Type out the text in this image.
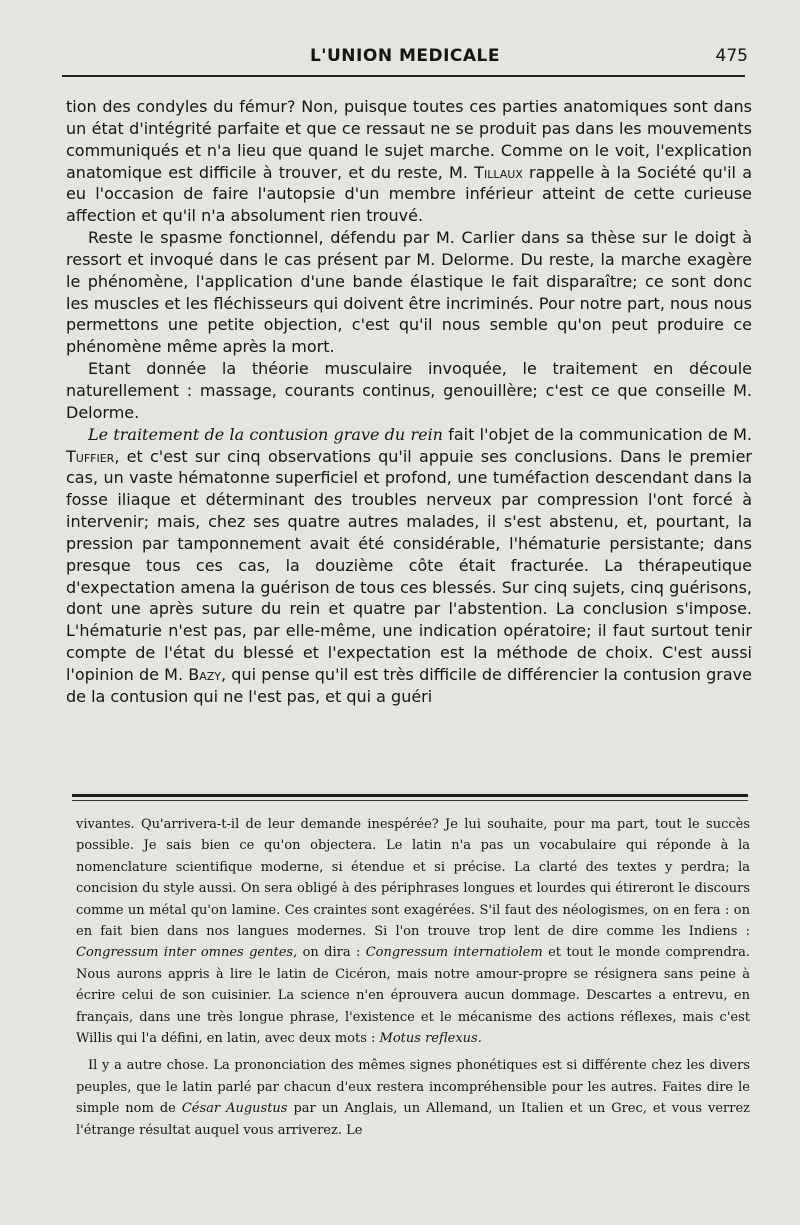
L'UNION MEDICALE	475

tion des condyles du fémur? Non, puisque toutes ces parties anatomiques sont dans un état d'intégrité parfaite et que ce ressaut ne se produit pas dans les mouvements communiqués et n'a lieu que quand le sujet marche. Comme on le voit, l'explication anatomique est difficile à trouver, et du reste, M. Tillaux rappelle à la Société qu'il a eu l'occasion de faire l'autopsie d'un membre inférieur atteint de cette curieuse affection et qu'il n'a absolument rien trouvé.

Reste le spasme fonctionnel, défendu par M. Carlier dans sa thèse sur le doigt à ressort et invoqué dans le cas présent par M. Delorme. Du reste, la marche exagère le phénomène, l'application d'une bande élastique le fait disparaître; ce sont donc les muscles et les fléchisseurs qui doivent être incriminés. Pour notre part, nous nous permettons une petite objection, c'est qu'il nous semble qu'on peut produire ce phénomène même après la mort.

Etant donnée la théorie musculaire invoquée, le traitement en découle naturellement : massage, courants continus, genouillère; c'est ce que conseille M. Delorme.

Le traitement de la contusion grave du rein fait l'objet de la communication de M. Tuffier, et c'est sur cinq observations qu'il appuie ses conclusions. Dans le premier cas, un vaste hématonne superficiel et profond, une tuméfaction descendant dans la fosse iliaque et déterminant des troubles nerveux par compression l'ont forcé à intervenir; mais, chez ses quatre autres malades, il s'est abstenu, et, pourtant, la pression par tamponnement avait été considérable, l'hématurie persistante; dans presque tous ces cas, la douzième côte était fracturée. La thérapeutique d'expectation amena la guérison de tous ces blessés. Sur cinq sujets, cinq guérisons, dont une après suture du rein et quatre par l'abstention. La conclusion s'impose. L'hématurie n'est pas, par elle-même, une indication opératoire; il faut surtout tenir compte de l'état du blessé et l'expectation est la méthode de choix. C'est aussi l'opinion de M. Bazy, qui pense qu'il est très difficile de différencier la contusion grave de la contusion qui ne l'est pas, et qui a guéri

vivantes. Qu'arrivera-t-il de leur demande inespérée? Je lui souhaite, pour ma part, tout le succès possible. Je sais bien ce qu'on objectera. Le latin n'a pas un vocabulaire qui réponde à la nomenclature scientifique moderne, si étendue et si précise. La clarté des textes y perdra; la concision du style aussi. On sera obligé à des périphrases longues et lourdes qui étireront le discours comme un métal qu'on lamine. Ces craintes sont exagérées. S'il faut des néologismes, on en fera : on en fait bien dans nos langues modernes. Si l'on trouve trop lent de dire comme les Indiens : Congressum inter omnes gentes, on dira : Congressum internatiolem et tout le monde comprendra. Nous aurons appris à lire le latin de Cicéron, mais notre amour-propre se résignera sans peine à écrire celui de son cuisinier. La science n'en éprouvera aucun dommage. Descartes a entrevu, en français, dans une très longue phrase, l'existence et le mécanisme des actions réflexes, mais c'est Willis qui l'a défini, en latin, avec deux mots : Motus reflexus.

Il y a autre chose. La prononciation des mêmes signes phonétiques est si différente chez les divers peuples, que le latin parlé par chacun d'eux restera incompréhensible pour les autres. Faites dire le simple nom de César Augustus par un Anglais, un Allemand, un Italien et un Grec, et vous verrez l'étrange résultat auquel vous arriverez. Le
